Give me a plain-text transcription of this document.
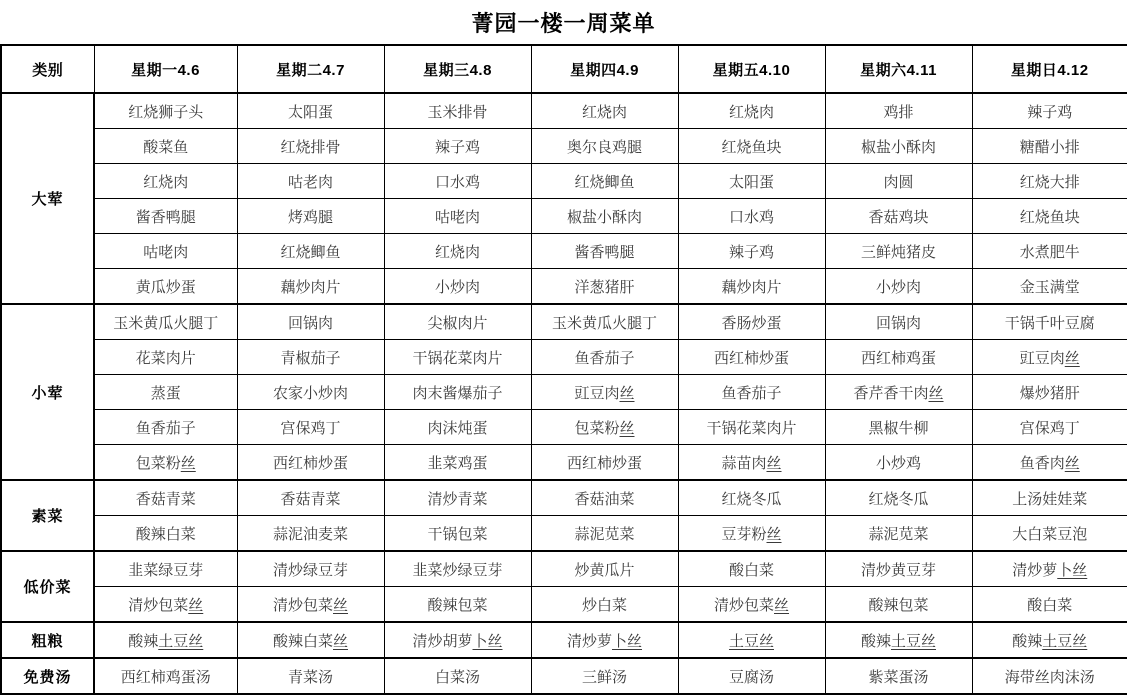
菁园一楼一周菜单
类别	星期一4.6	星期二4.7	星期三4.8	星期四4.9	星期五4.10	星期六4.11	星期日4.12
大荤	红烧狮子头	太阳蛋	玉米排骨	红烧肉	红烧肉	鸡排	辣子鸡
	酸菜鱼	红烧排骨	辣子鸡	奥尔良鸡腿	红烧鱼块	椒盐小酥肉	糖醋小排
	红烧肉	咕老肉	口水鸡	红烧鲫鱼	太阳蛋	肉圆	红烧大排
	酱香鸭腿	烤鸡腿	咕咾肉	椒盐小酥肉	口水鸡	香菇鸡块	红烧鱼块
	咕咾肉	红烧鲫鱼	红烧肉	酱香鸭腿	辣子鸡	三鲜炖猪皮	水煮肥牛
	黄瓜炒蛋	藕炒肉片	小炒肉	洋葱猪肝	藕炒肉片	小炒肉	金玉满堂
小荤	玉米黄瓜火腿丁	回锅肉	尖椒肉片	玉米黄瓜火腿丁	香肠炒蛋	回锅肉	干锅千叶豆腐
	花菜肉片	青椒茄子	干锅花菜肉片	鱼香茄子	西红柿炒蛋	西红柿鸡蛋	豇豆肉丝
	蒸蛋	农家小炒肉	肉末酱爆茄子	豇豆肉丝	鱼香茄子	香芹香干肉丝	爆炒猪肝
	鱼香茄子	宫保鸡丁	肉沫炖蛋	包菜粉丝	干锅花菜肉片	黑椒牛柳	宫保鸡丁
	包菜粉丝	西红柿炒蛋	韭菜鸡蛋	西红柿炒蛋	蒜苗肉丝	小炒鸡	鱼香肉丝
素菜	香菇青菜	香菇青菜	清炒青菜	香菇油菜	红烧冬瓜	红烧冬瓜	上汤娃娃菜
	酸辣白菜	蒜泥油麦菜	干锅包菜	蒜泥苋菜	豆芽粉丝	蒜泥苋菜	大白菜豆泡
低价菜	韭菜绿豆芽	清炒绿豆芽	韭菜炒绿豆芽	炒黄瓜片	酸白菜	清炒黄豆芽	清炒萝卜丝
	清炒包菜丝	清炒包菜丝	酸辣包菜	炒白菜	清炒包菜丝	酸辣包菜	酸白菜
粗粮	酸辣土豆丝	酸辣白菜丝	清炒胡萝卜丝	清炒萝卜丝	土豆丝	酸辣土豆丝	酸辣土豆丝
免费汤	西红柿鸡蛋汤	青菜汤	白菜汤	三鲜汤	豆腐汤	紫菜蛋汤	海带丝肉沫汤
